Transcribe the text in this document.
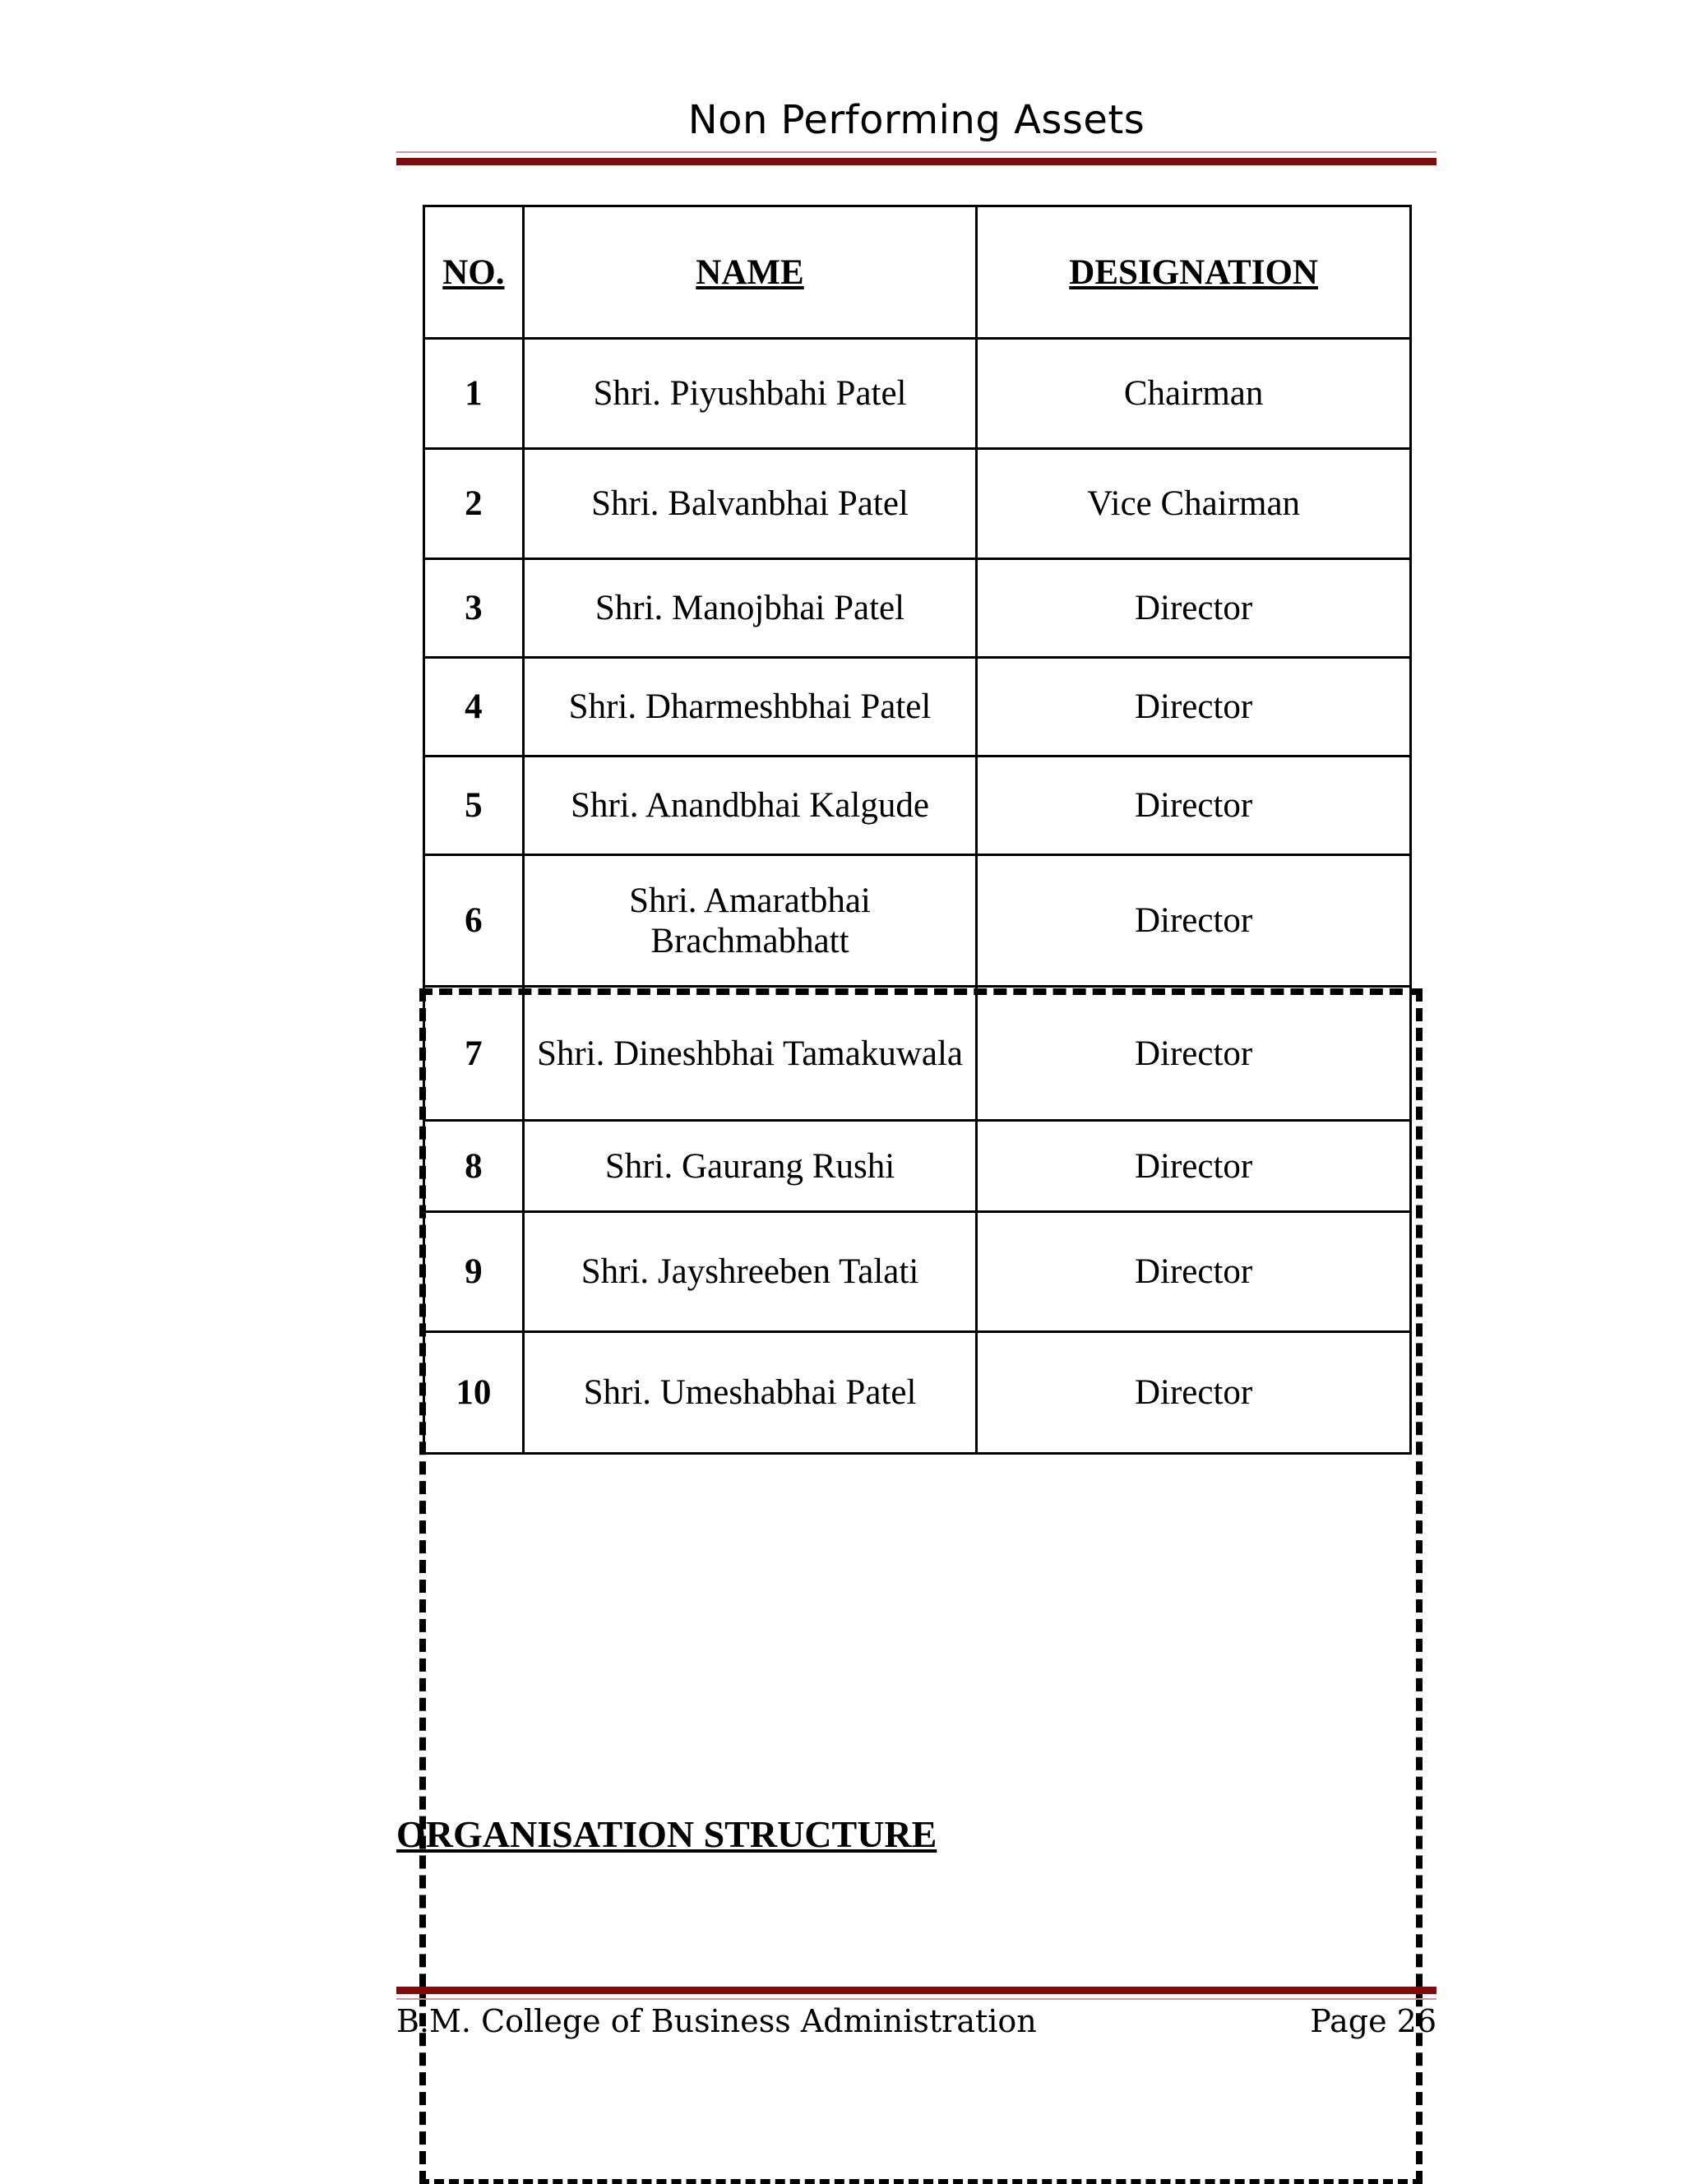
Non Performing Assets
NO.	NAME	DESIGNATION
1	Shri. Piyushbahi Patel	Chairman
2	Shri. Balvanbhai Patel	Vice Chairman
3	Shri. Manojbhai Patel	Director
4	Shri. Dharmeshbhai Patel	Director
5	Shri. Anandbhai Kalgude	Director
6	Shri. Amaratbhai Brachmabhatt	Director
7	Shri. Dineshbhai Tamakuwala	Director
8	Shri. Gaurang Rushi	Director
9	Shri. Jayshreeben Talati	Director
10	Shri. Umeshabhai Patel	Director
ORGANISATION STRUCTURE
B.M. College of Business Administration	Page 26
